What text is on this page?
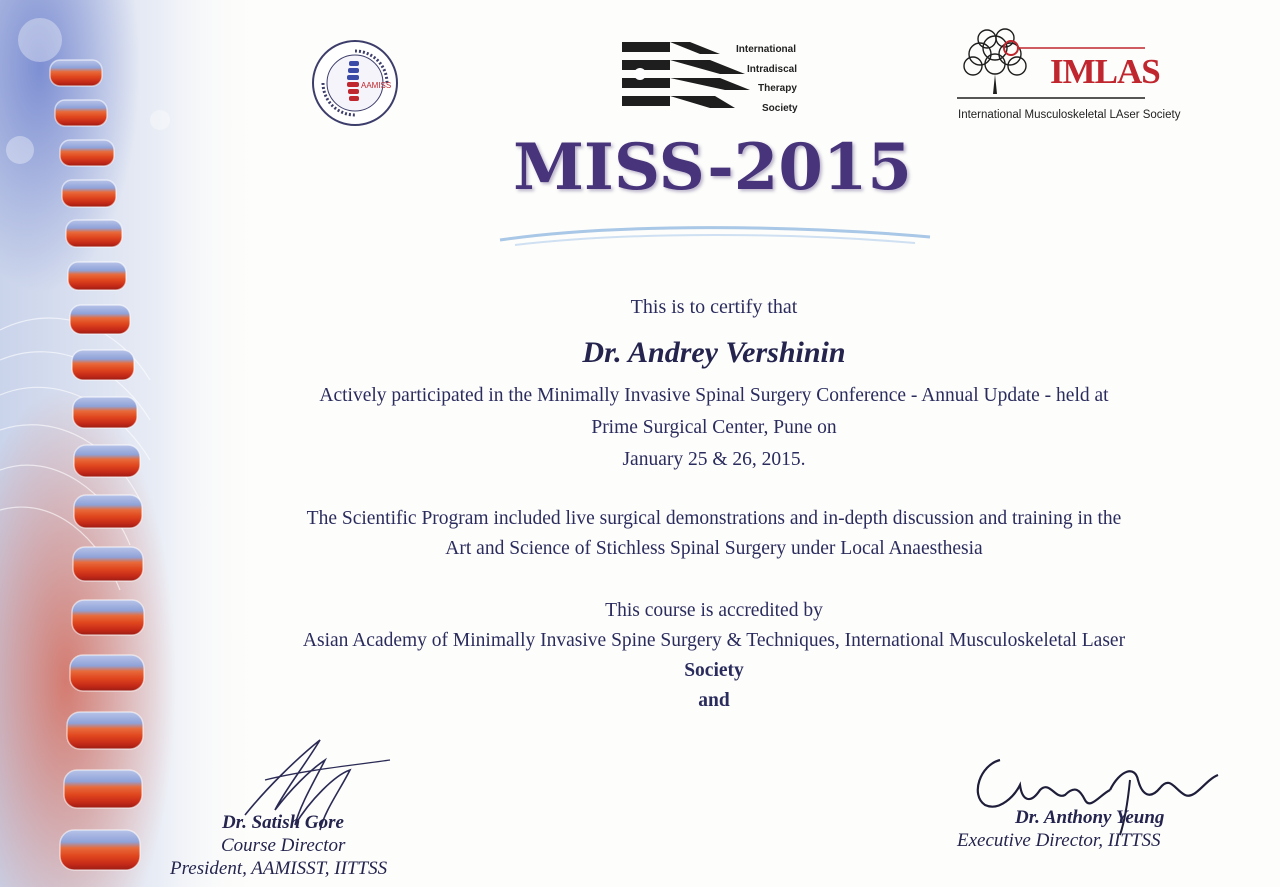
AAMISS
International
Intradiscal
Therapy
Society
IMLAS
International Musculoskeletal LAser Society
MISS-2015
This is to certify that
Dr. Andrey Vershinin
Actively participated in the Minimally Invasive Spinal Surgery Conference - Annual Update - held at
Prime Surgical Center, Pune on
January 25 & 26, 2015.
The Scientific Program included live surgical demonstrations and in-depth discussion and training in the
Art and Science of Stichless Spinal Surgery under Local Anaesthesia
This course is accredited by
Asian Academy of Minimally Invasive Spine Surgery & Techniques, International Musculoskeletal Laser
Society
and
Dr. Satish Gore
Course Director
President, AAMISST, IITTSS
Dr. Anthony Yeung
Executive Director, IITTSS
